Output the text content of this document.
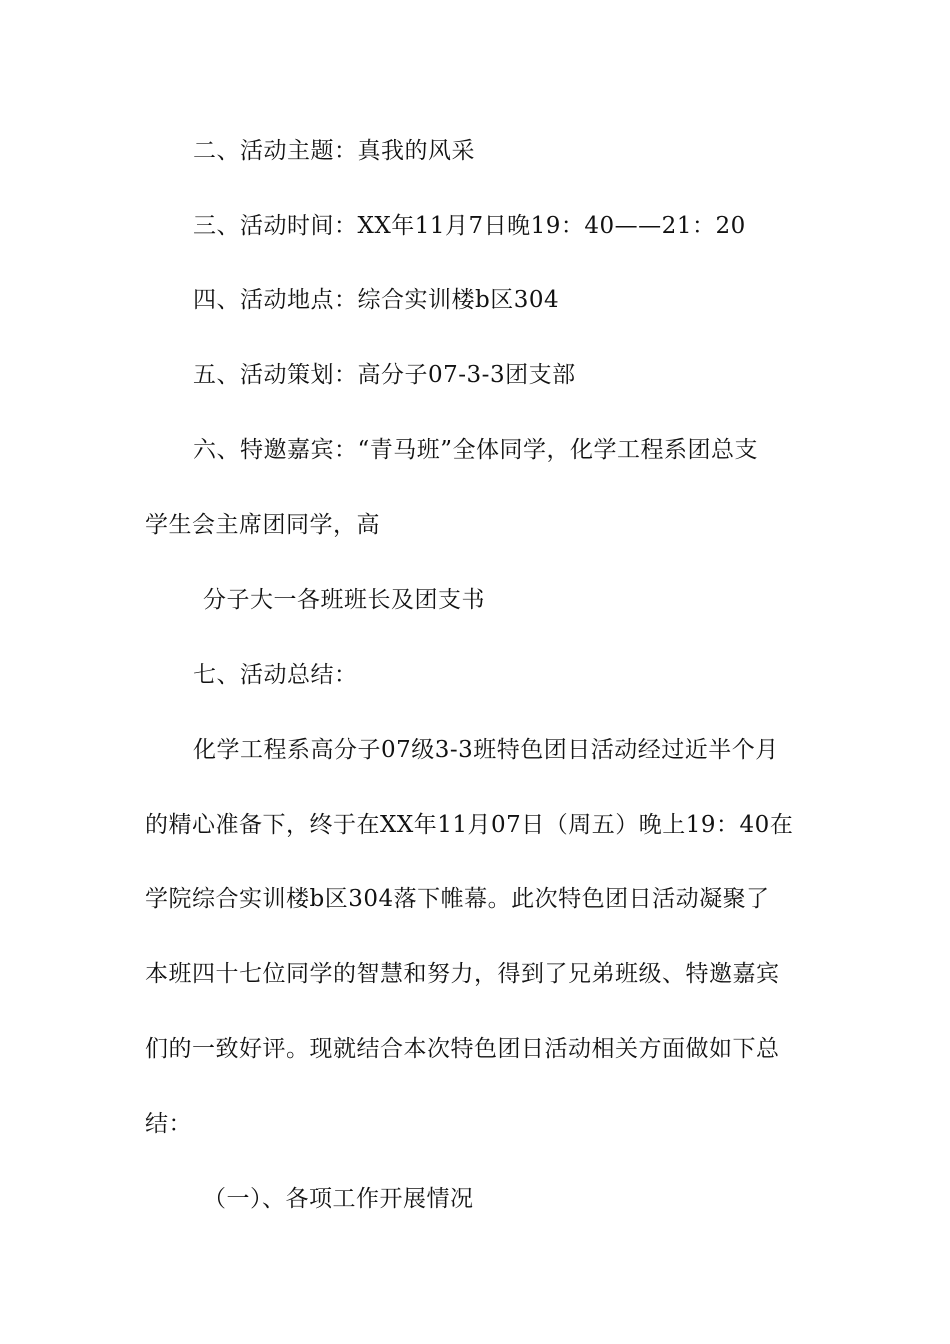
二、活动主题：真我的风采
三、活动时间：XX年11月7日晚19：40——21：20
四、活动地点：综合实训楼b区304
五、活动策划：高分子07-3-3团支部
六、特邀嘉宾：“青马班”全体同学，化学工程系团总支
学生会主席团同学，高
分子大一各班班长及团支书
七、活动总结：
化学工程系高分子07级3-3班特色团日活动经过近半个月
的精心准备下，终于在XX年11月07日（周五）晚上19：40在
学院综合实训楼b区304落下帷幕。此次特色团日活动凝聚了
本班四十七位同学的智慧和努力，得到了兄弟班级、特邀嘉宾
们的一致好评。现就结合本次特色团日活动相关方面做如下总
结：
（一）、各项工作开展情况
